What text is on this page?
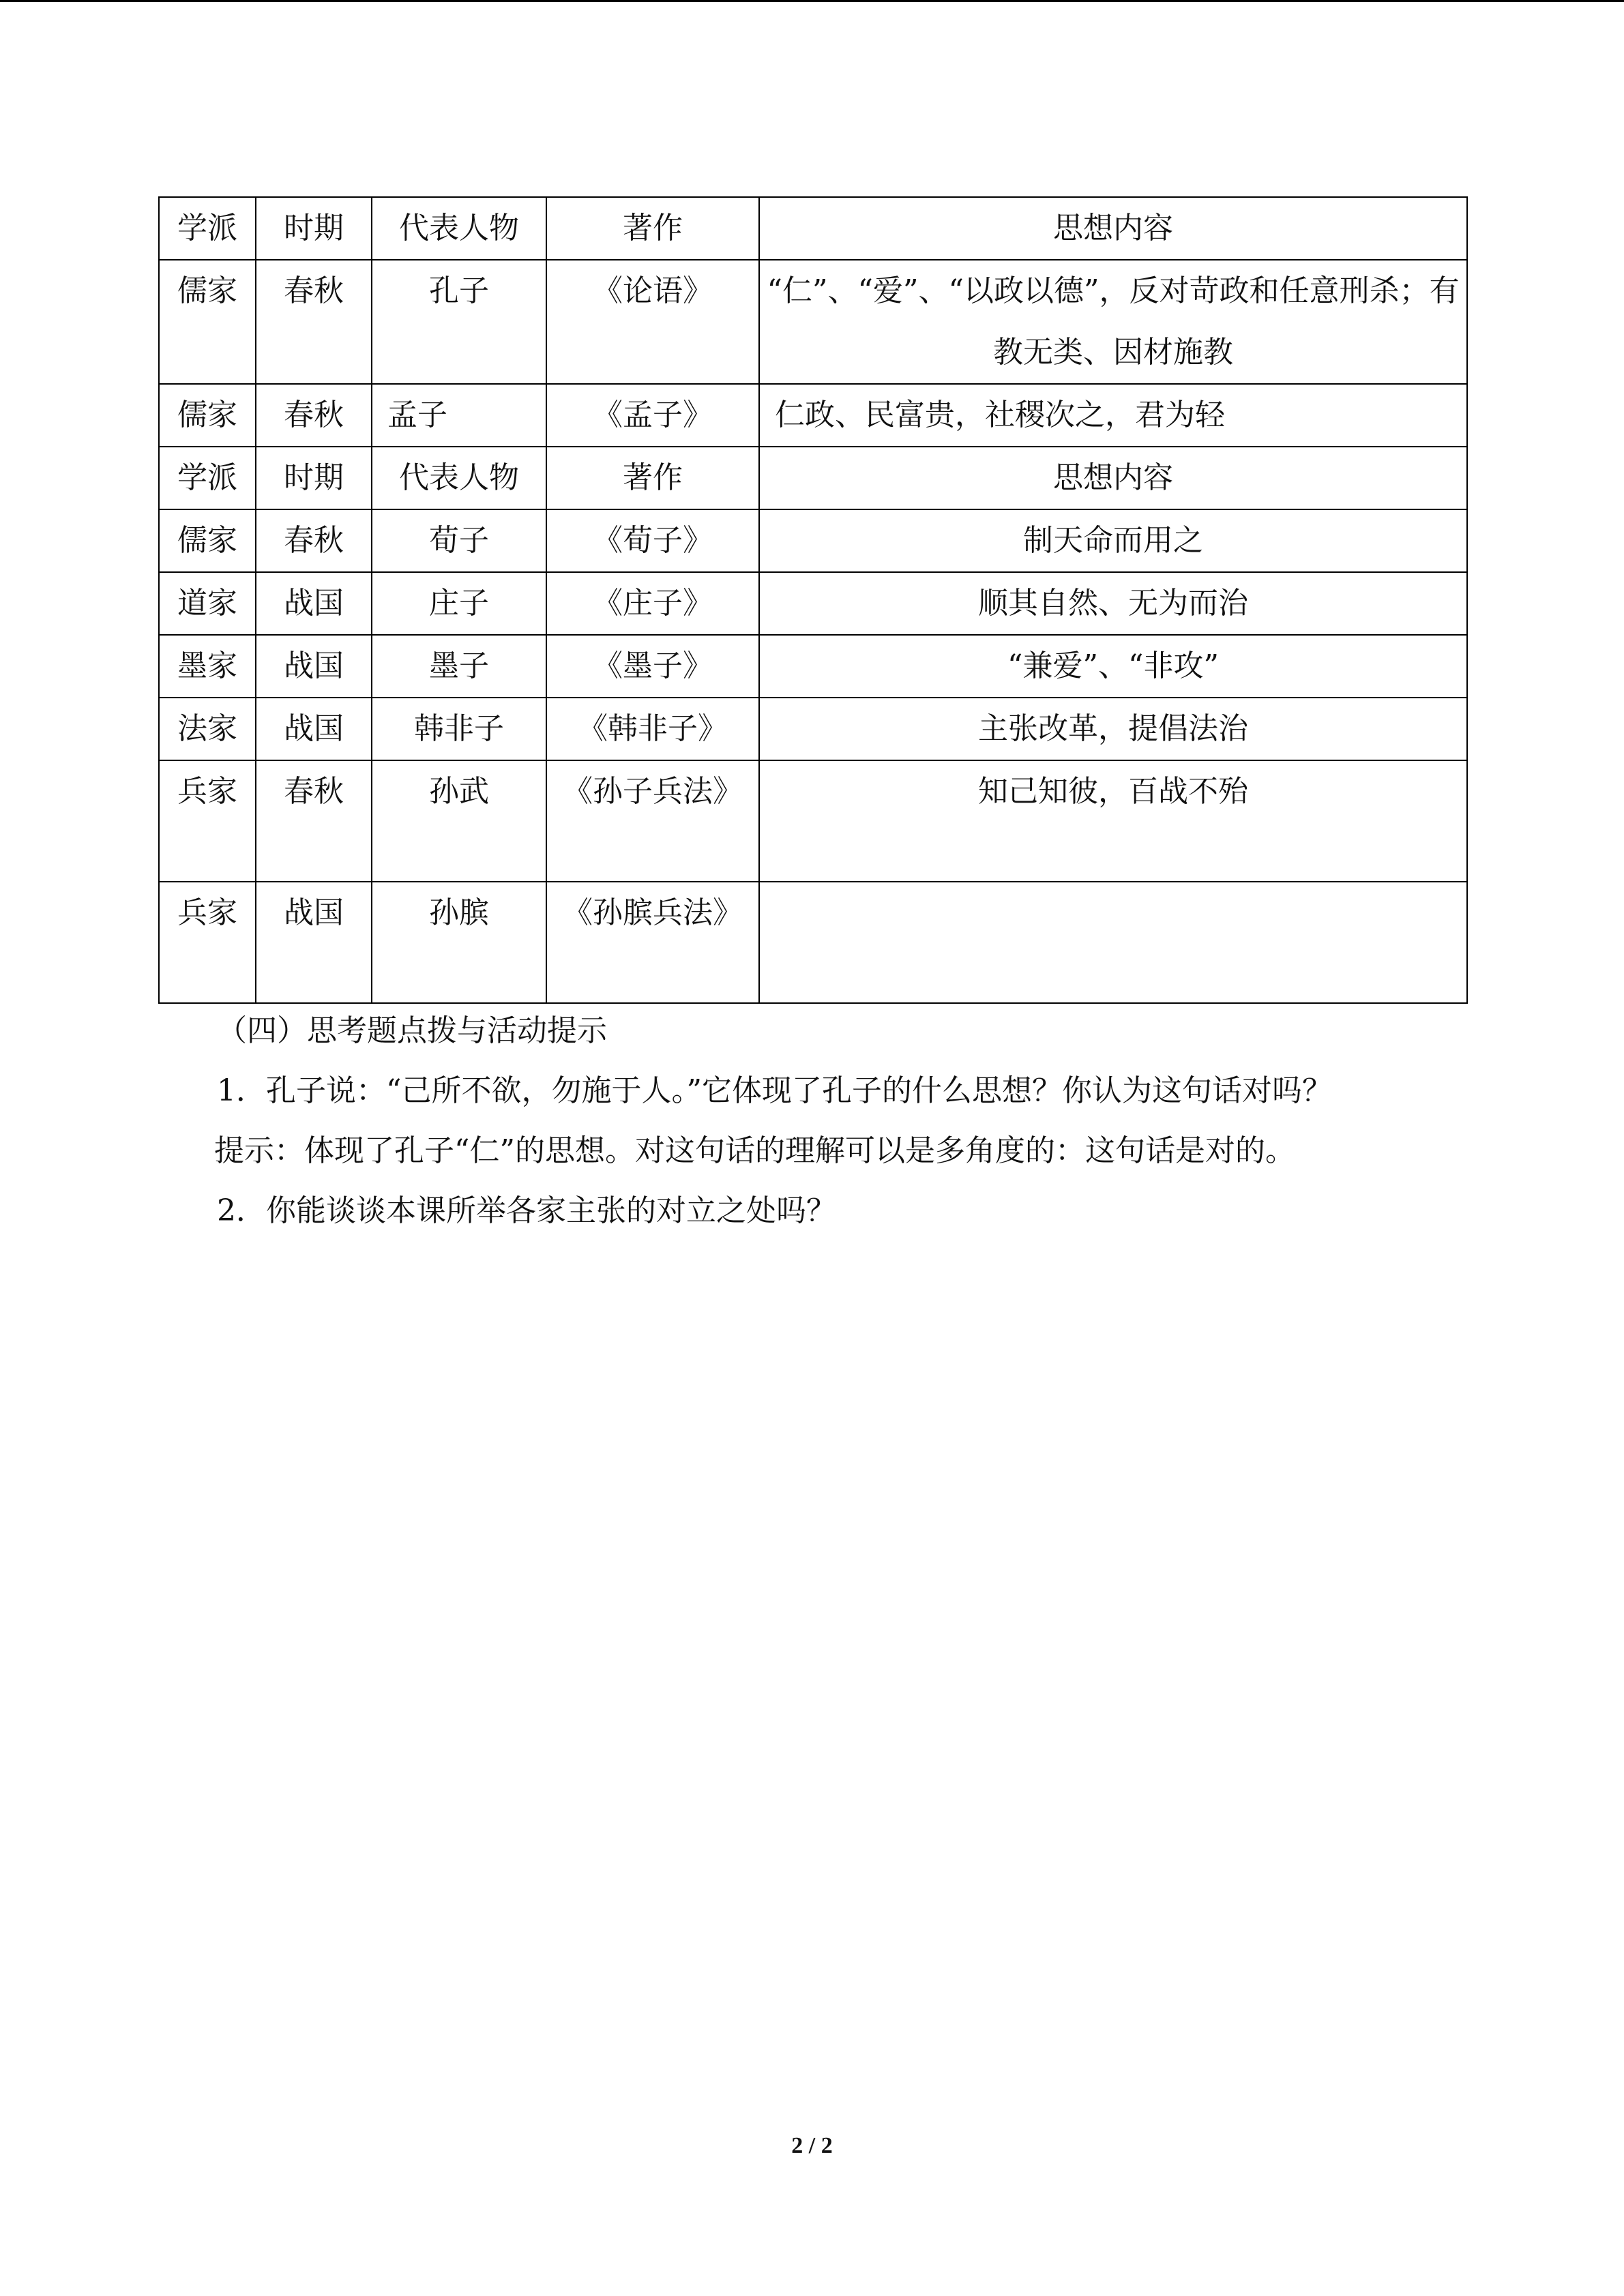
学派	时期	代表人物	著作	思想内容
儒家	春秋	孔子	《论语》	“仁”、“爱”、“以政以德”，反对苛政和任意刑杀；有教无类、因材施教
儒家	春秋	孟子	《孟子》	仁政、民富贵，社稷次之，君为轻
学派	时期	代表人物	著作	思想内容
儒家	春秋	荀子	《荀子》	制天命而用之
道家	战国	庄子	《庄子》	顺其自然、无为而治
墨家	战国	墨子	《墨子》	“兼爱”、“非攻”
法家	战国	韩非子	《韩非子》	主张改革，提倡法治
兵家	春秋	孙武	《孙子兵法》	知己知彼，百战不殆
兵家	战国	孙膑	《孙膑兵法》	
（四）思考题点拨与活动提示
1．孔子说：“己所不欲，勿施于人。”它体现了孔子的什么思想？你认为这句话对吗？
提示：体现了孔子“仁”的思想。对这句话的理解可以是多角度的：这句话是对的。
2．你能谈谈本课所举各家主张的对立之处吗？
2 / 2
